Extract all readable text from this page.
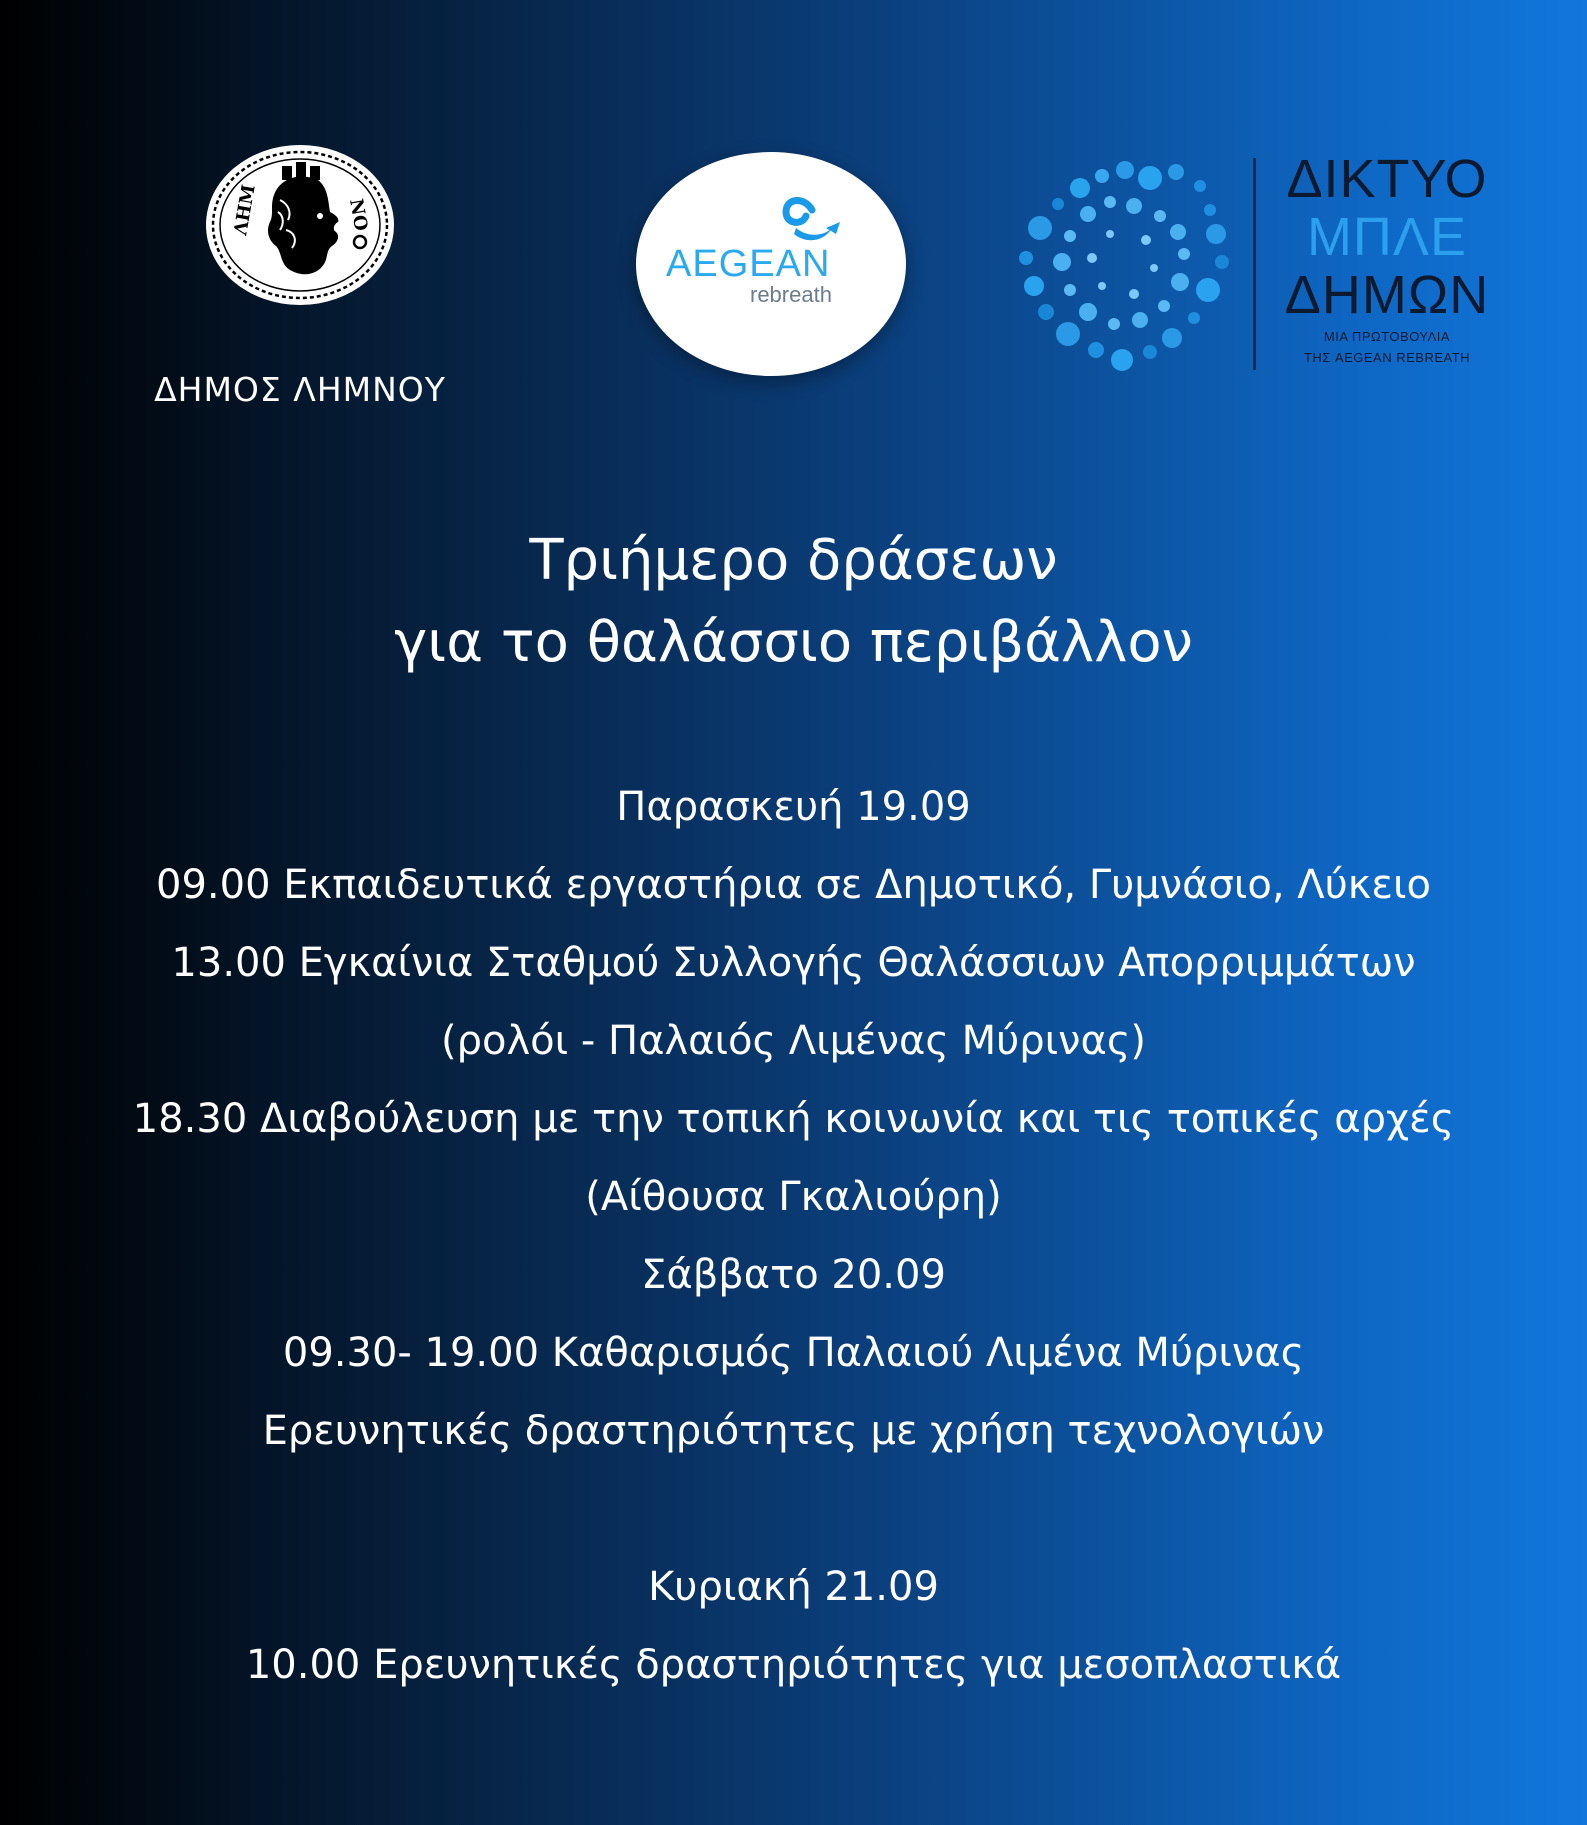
ΛΗΜ	ΝΟ
ΔΗΜΟΣ ΛΗΜΝΟΥ
AEGEAN
rebreath
ΔΙΚΤΥΟ
ΜΠΛΕ
ΔΗΜΩΝ
ΜΙΑ ΠΡΩΤΟΒΟΥΛΙΑ
ΤΗΣ AEGEAN REBREATH
Τριήμερο δράσεων
για το θαλάσσιο περιβάλλον
Παρασκευή 19.09
09.00 Εκπαιδευτικά εργαστήρια σε Δημοτικό, Γυμνάσιο, Λύκειο
13.00 Εγκαίνια Σταθμού Συλλογής Θαλάσσιων Απορριμμάτων
(ρολόι - Παλαιός Λιμένας Μύρινας)
18.30 Διαβούλευση με την τοπική κοινωνία και τις τοπικές αρχές
(Αίθουσα Γκαλιούρη)
Σάββατο 20.09
09.30- 19.00 Καθαρισμός Παλαιού Λιμένα Μύρινας
Ερευνητικές δραστηριότητες με χρήση τεχνολογιών
Κυριακή 21.09
10.00 Ερευνητικές δραστηριότητες για μεσοπλαστικά
